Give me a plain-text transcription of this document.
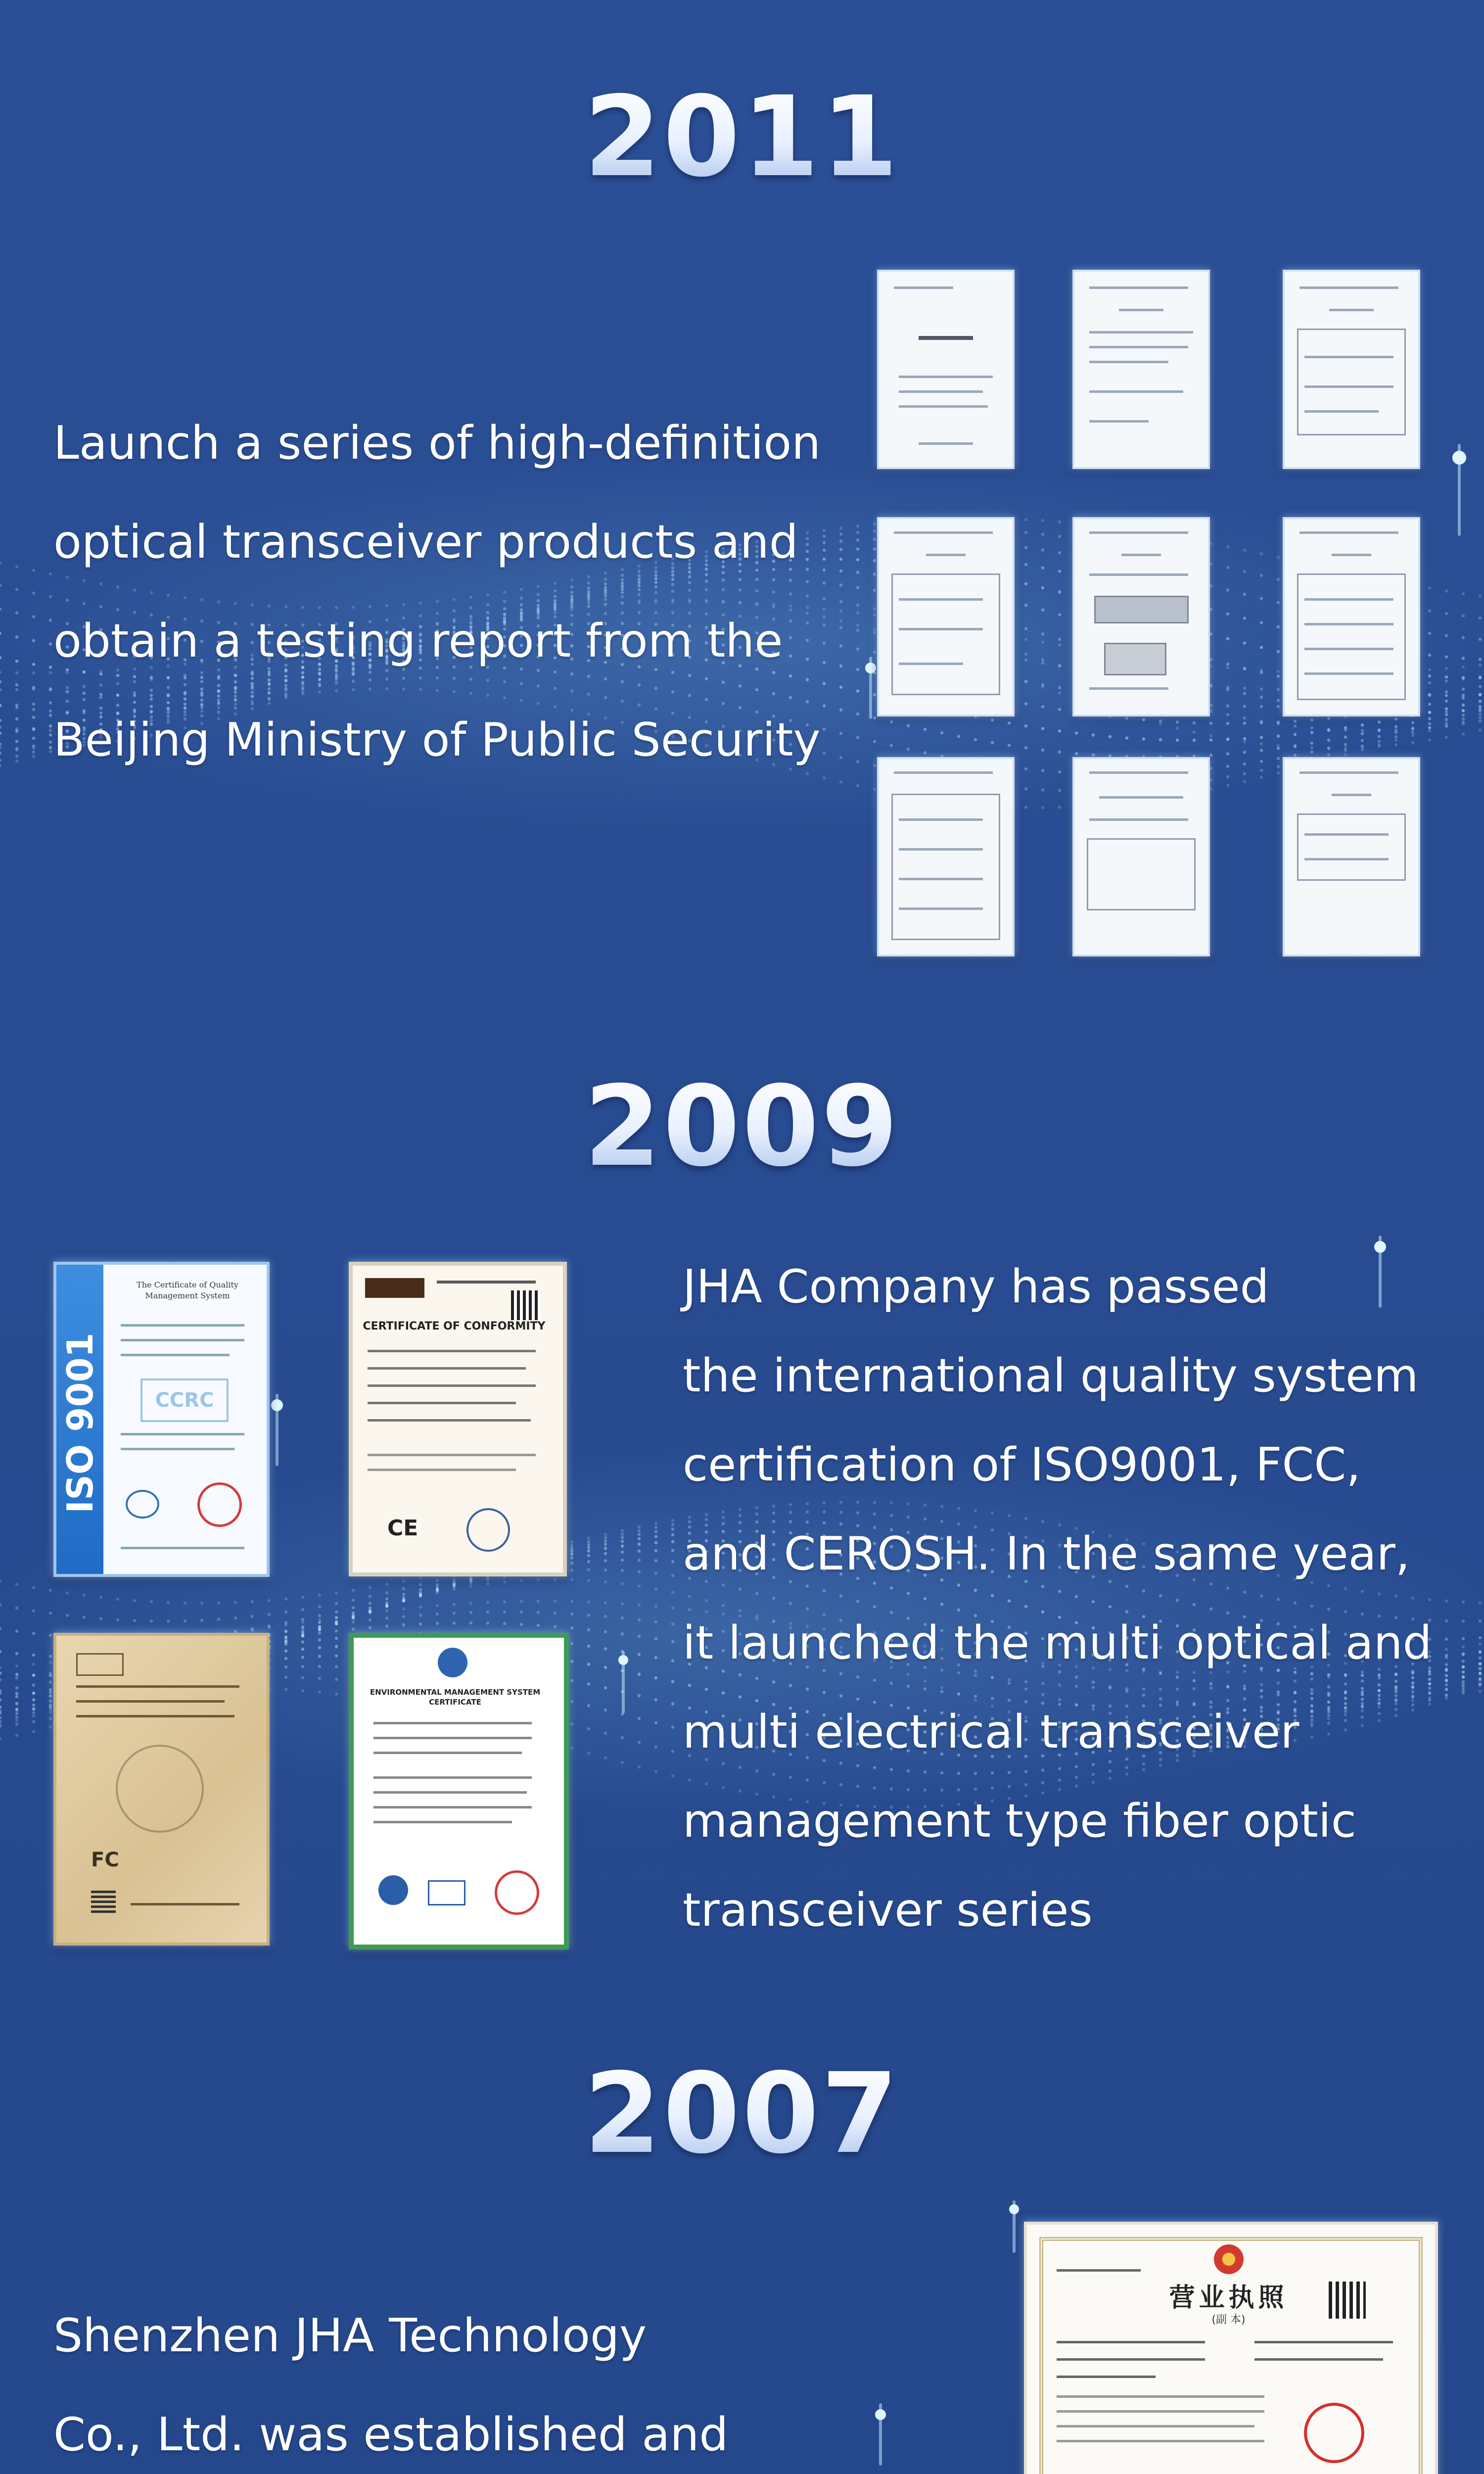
2011
Launch a series of high-definition
optical transceiver products and
obtain a testing report from the
Beijing Ministry of Public Security
2009
ISO 9001
The Certificate of Quality Management System
CCRC
CERTIFICATE OF CONFORMITY
CE
FC
ENVIRONMENTAL MANAGEMENT SYSTEM CERTIFICATE
JHA Company has passed
the international quality system
certification of ISO9001, FCC,
and CEROSH. In the same year,
it launched the multi optical and
multi electrical transceiver
management type fiber optic
transceiver series
2007
Shenzhen JHA Technology
Co., Ltd. was established and
营业执照
(副 本)
